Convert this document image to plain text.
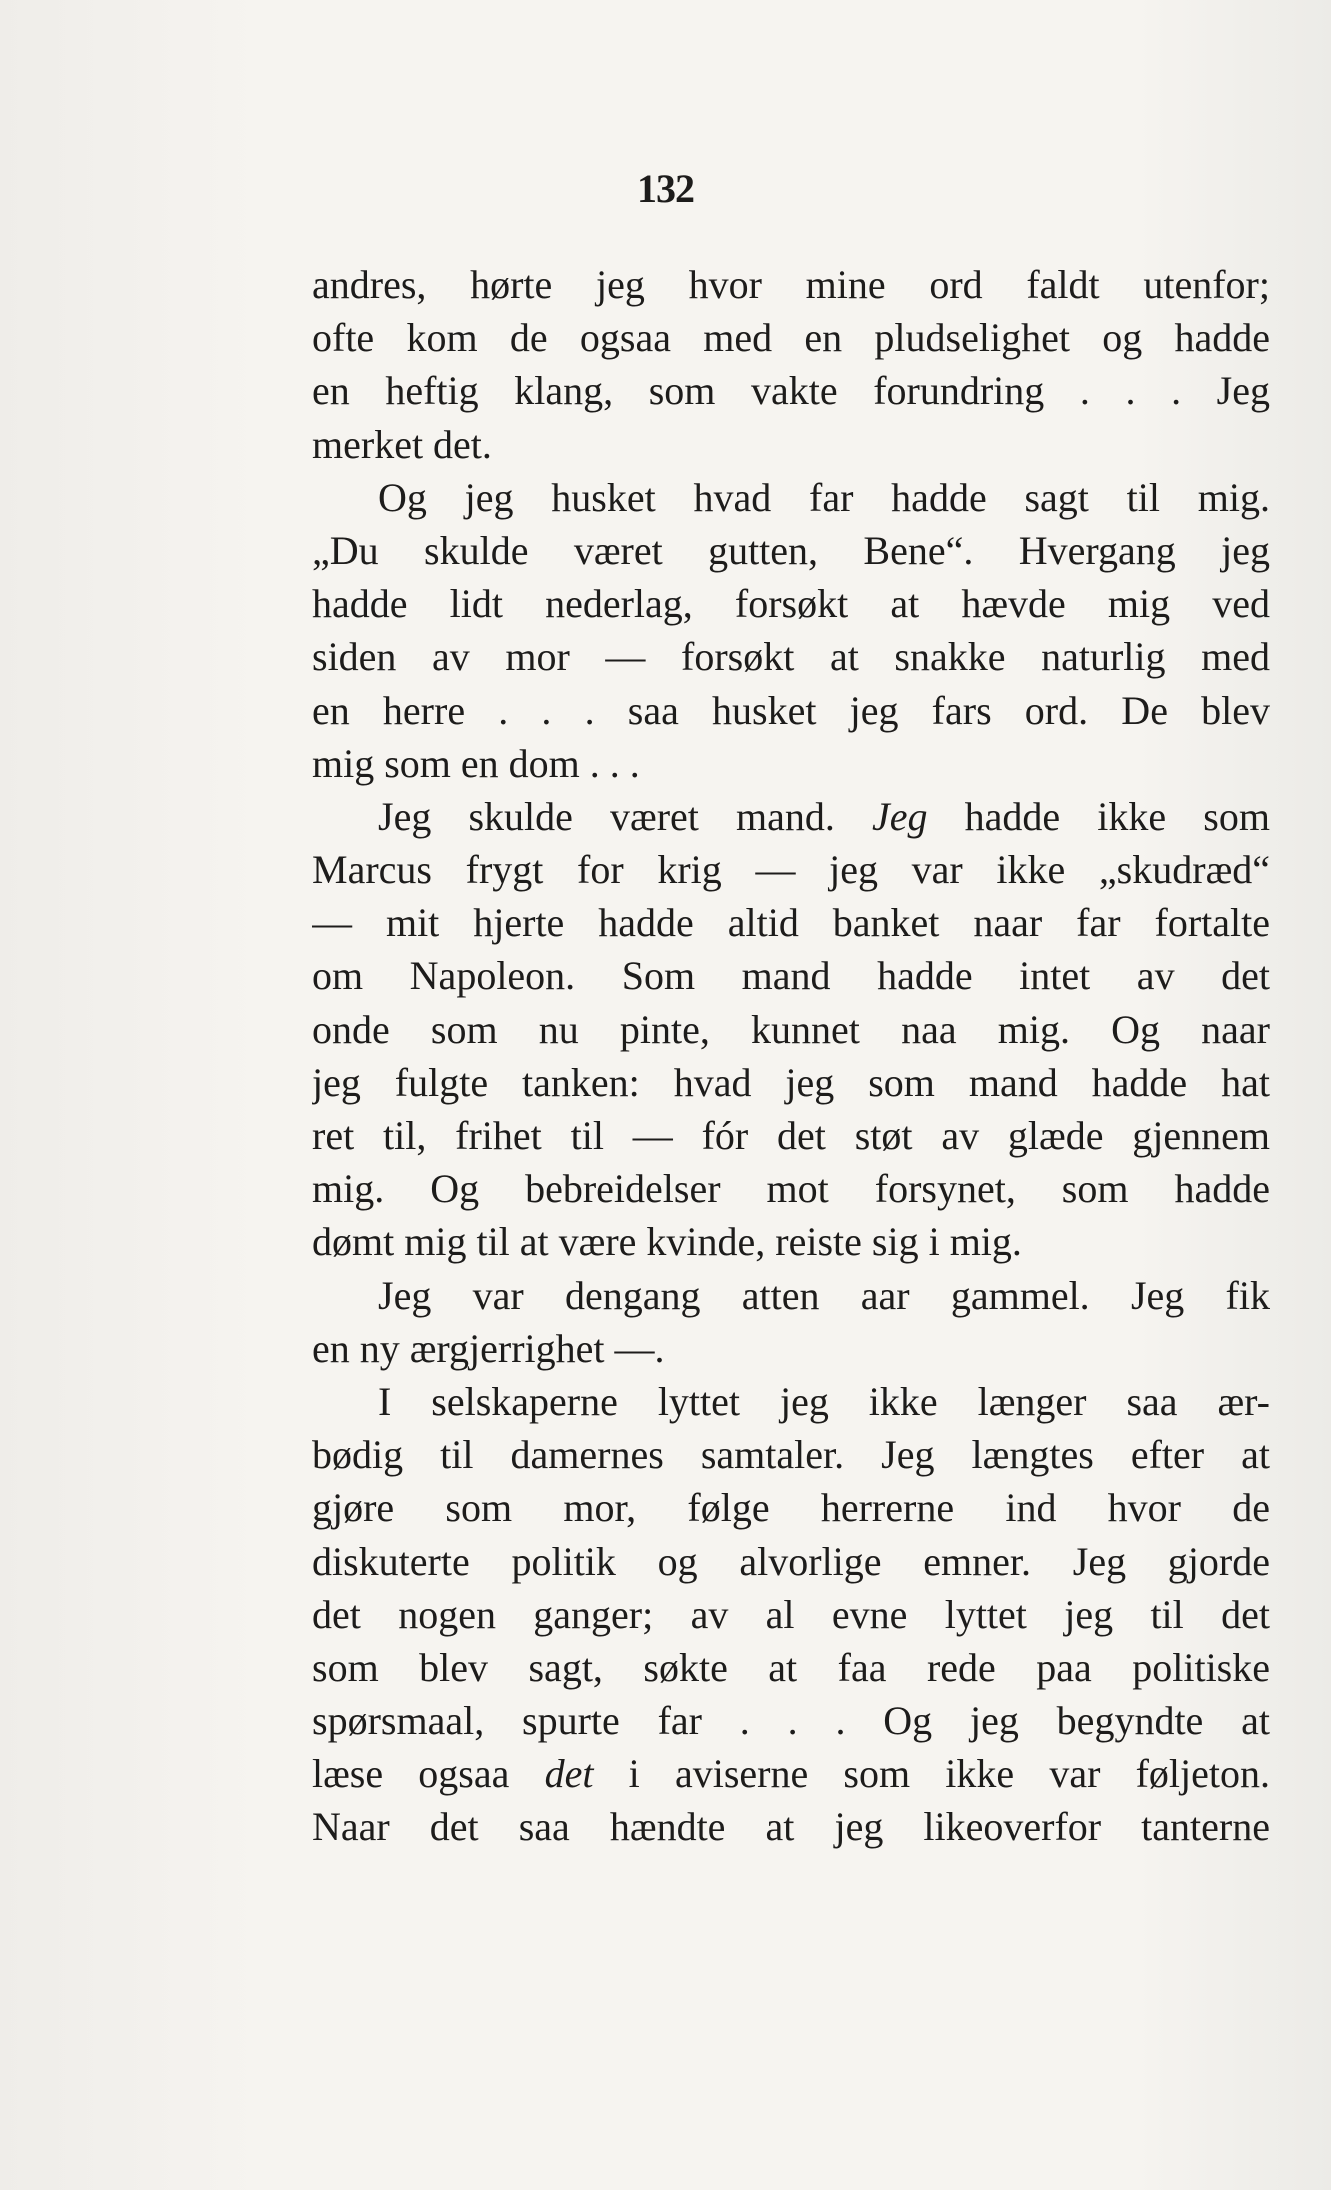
132
andres, hørte jeg hvor mine ord faldt utenfor;
ofte kom de ogsaa med en pludselighet og hadde
en heftig klang, som vakte forundring . . . Jeg
merket det.
Og jeg husket hvad far hadde sagt til mig.
„Du skulde været gutten, Bene“. Hvergang jeg
hadde lidt nederlag, forsøkt at hævde mig ved
siden av mor — forsøkt at snakke naturlig med
en herre . . . saa husket jeg fars ord. De blev
mig som en dom . . .
Jeg skulde været mand. Jeg hadde ikke som
Marcus frygt for krig — jeg var ikke „skudræd“
— mit hjerte hadde altid banket naar far fortalte
om Napoleon. Som mand hadde intet av det
onde som nu pinte, kunnet naa mig. Og naar
jeg fulgte tanken: hvad jeg som mand hadde hat
ret til, frihet til — fór det støt av glæde gjennem
mig. Og bebreidelser mot forsynet, som hadde
dømt mig til at være kvinde, reiste sig i mig.
Jeg var dengang atten aar gammel. Jeg fik
en ny ærgjerrighet —.
I selskaperne lyttet jeg ikke længer saa ær-
bødig til damernes samtaler. Jeg længtes efter at
gjøre som mor, følge herrerne ind hvor de
diskuterte politik og alvorlige emner. Jeg gjorde
det nogen ganger; av al evne lyttet jeg til det
som blev sagt, søkte at faa rede paa politiske
spørsmaal, spurte far . . . Og jeg begyndte at
læse ogsaa det i aviserne som ikke var føljeton.
Naar det saa hændte at jeg likeoverfor tanterne
